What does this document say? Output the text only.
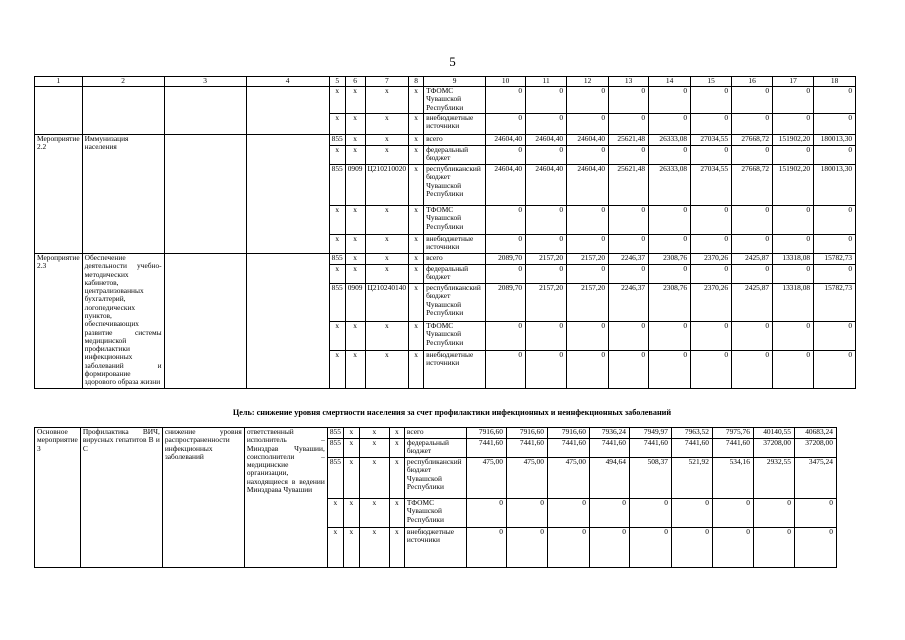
5
1	2	3	4	5	6	7	8	9	10	11	12	13	14	15	16	17	18
				x	x	x	x	ТФОМС Чувашской Республики	0	0	0	0	0	0	0	0	0
				x	x	x	x	внебюджетные источники	0	0	0	0	0	0	0	0	0
Мероприятие 2.2	Иммунизация населения			855	x	x	x	всего	24604,40	24604,40	24604,40	25621,48	26333,08	27034,55	27668,72	151902,20	180013,30
				x	x	x	x	федеральный бюджет	0	0	0	0	0	0	0	0	0
				855	0909	Ц210210020	x	республиканский бюджет Чувашской Республики	24604,40	24604,40	24604,40	25621,48	26333,08	27034,55	27668,72	151902,20	180013,30
				x	x	x	x	ТФОМС Чувашской Республики	0	0	0	0	0	0	0	0	0
				x	x	x	x	внебюджетные источники	0	0	0	0	0	0	0	0	0
Мероприятие 2.3	Обеспечение деятельности учебно-методических кабинетов, централизованных бухгалтерий, логопедических пунктов, обеспечивающих развитие системы медицинской профилактики инфекционных заболеваний и формирование здорового образа жизни			855	x	x	x	всего	2089,70	2157,20	2157,20	2246,37	2308,76	2370,26	2425,87	13318,08	15782,73
				x	x	x	x	федеральный бюджет	0	0	0	0	0	0	0	0	0
				855	0909	Ц210240140	x	республиканский бюджет Чувашской Республики	2089,70	2157,20	2157,20	2246,37	2308,76	2370,26	2425,87	13318,08	15782,73
				x	x	x	x	ТФОМС Чувашской Республики	0	0	0	0	0	0	0	0	0
				x	x	x	x	внебюджетные источники	0	0	0	0	0	0	0	0	0
Цель: снижение уровня смертности населения за счет профилактики инфекционных и неинфекционных заболеваний
Основное мероприятие 3	Профилактика ВИЧ, вирусных гепатитов В и С	снижение уровня распространенности инфекционных заболеваний	ответственный исполнитель – Минздрав Чувашии, соисполнители – медицинские организации, находящиеся в ведении Минздрава Чувашии	855	x	x	x	всего	7916,60	7916,60	7916,60	7936,24	7949,97	7963,52	7975,76	40140,55	40683,24
				855	x	x	x	федеральный бюджет	7441,60	7441,60	7441,60	7441,60	7441,60	7441,60	7441,60	37208,00	37208,00
				855	x	x	x	республиканский бюджет Чувашской Республики	475,00	475,00	475,00	494,64	508,37	521,92	534,16	2932,55	3475,24
				x	x	x	x	ТФОМС Чувашской Республики	0	0	0	0	0	0	0	0	0
				x	x	x	x	внебюджетные источники	0	0	0	0	0	0	0	0	0
